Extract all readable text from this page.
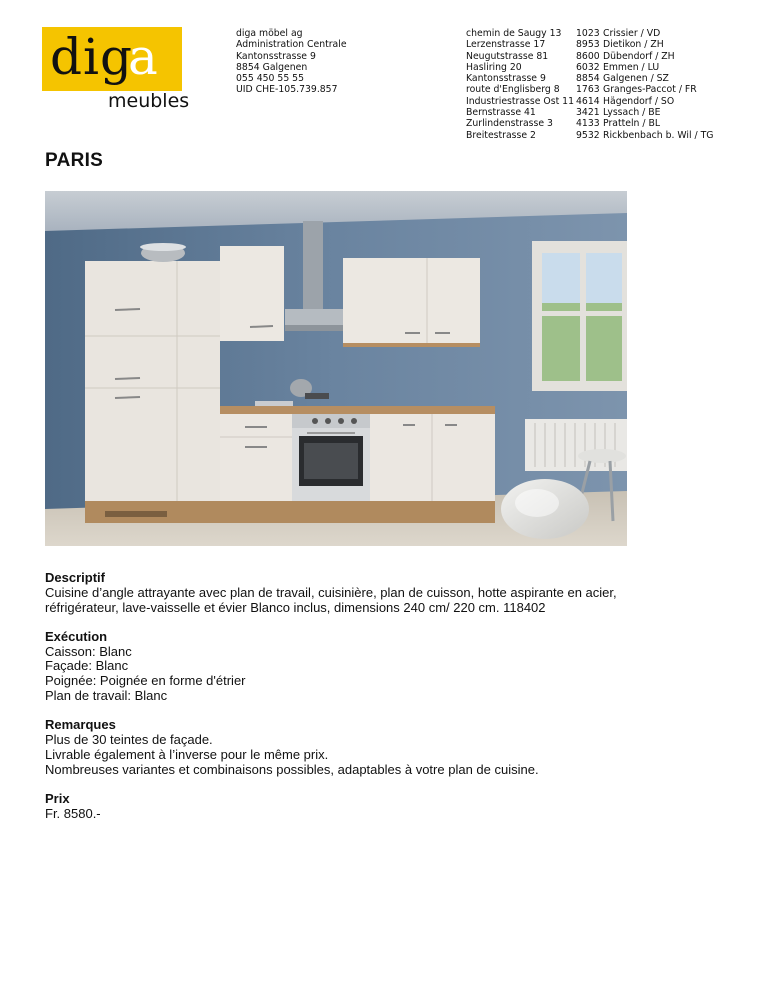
dig
a
meubles
diga möbel ag
Administration Centrale
Kantonsstrasse 9
8854 Galgenen
055 450 55 55
UID CHE-105.739.857
chemin de Saugy 13	1023 Crissier / VD
Lerzenstrasse 17	8953 Dietikon / ZH
Neugutstrasse 81	8600 Dübendorf / ZH
Hasliring 20	6032 Emmen / LU
Kantonsstrasse 9	8854 Galgenen / SZ
route d'Englisberg 8	1763 Granges-Paccot / FR
Industriestrasse Ost 11 4614 Hägendorf / SO
Bernstrasse 41	3421 Lyssach / BE
Zurlindenstrasse 3	4133 Pratteln / BL
Breitestrasse 2	9532 Rickbenbach b. Wil / TG
PARIS
Descriptif

Cuisine d’angle attrayante avec plan de travail, cuisinière, plan de cuisson, hotte aspirante en acier,

réfrigérateur, lave-vaisselle et évier Blanco inclus, dimensions 240 cm/ 220 cm. 118402

Exécution

Caisson: Blanc

Façade: Blanc

Poignée: Poignée en forme d'étrier

Plan de travail: Blanc

Remarques

Plus de 30 teintes de façade.

Livrable également à l’inverse pour le même prix.

Nombreuses variantes et combinaisons possibles, adaptables à votre plan de cuisine.

Prix

Fr. 8580.-
